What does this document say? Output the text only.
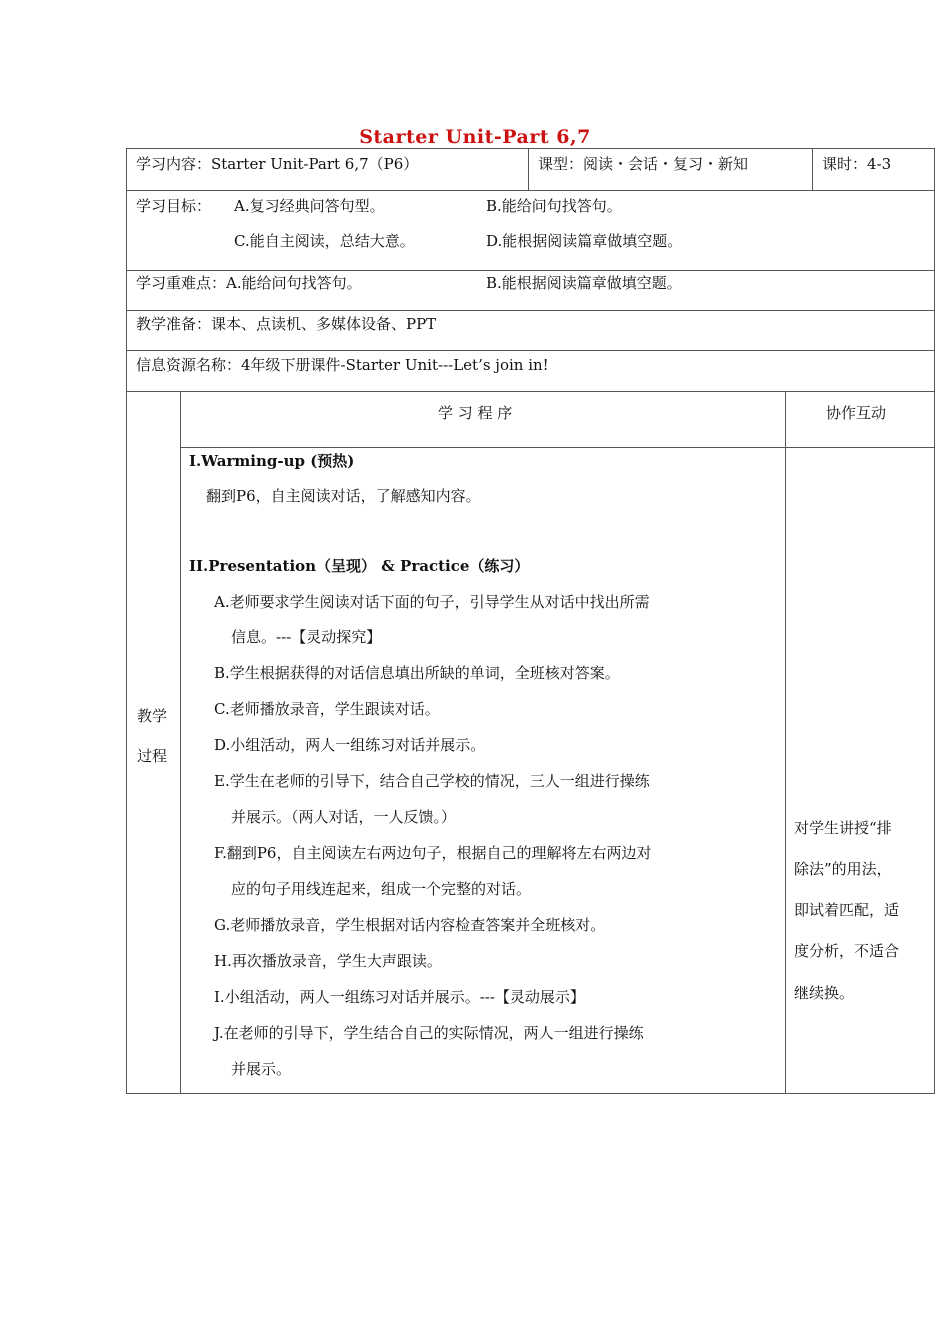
Starter Unit-Part 6,7
学习内容：Starter Unit-Part 6,7（P6）	课型：阅读・会话・复习・新知	课时：4-3
学习目标： A.复习经典问答句型。	B.能给问句找答句。
C.能自主阅读，总结大意。	D.能根据阅读篇章做填空题。
学习重难点：A.能给问句找答句。	B.能根据阅读篇章做填空题。
教学准备：课本、点读机、多媒体设备、PPT
信息资源名称：4年级下册课件-Starter Unit---Let’s join in!
教学
过程
学 习 程 序	协作互动
I.Warming-up (预热)
翻到P6，自主阅读对话，了解感知内容。
II.Presentation（呈现） & Practice（练习）
A.老师要求学生阅读对话下面的句子，引导学生从对话中找出所需
信息。---【灵动探究】
B.学生根据获得的对话信息填出所缺的单词，全班核对答案。
C.老师播放录音，学生跟读对话。
D.小组活动，两人一组练习对话并展示。
E.学生在老师的引导下，结合自己学校的情况，三人一组进行操练
并展示。（两人对话，一人反馈。）
F.翻到P6，自主阅读左右两边句子，根据自己的理解将左右两边对
应的句子用线连起来，组成一个完整的对话。
G.老师播放录音，学生根据对话内容检查答案并全班核对。
H.再次播放录音，学生大声跟读。
I.小组活动，两人一组练习对话并展示。---【灵动展示】
J.在老师的引导下，学生结合自己的实际情况，两人一组进行操练
并展示。
对学生讲授“排
除法”的用法，
即试着匹配，适
度分析，不适合
继续换。
